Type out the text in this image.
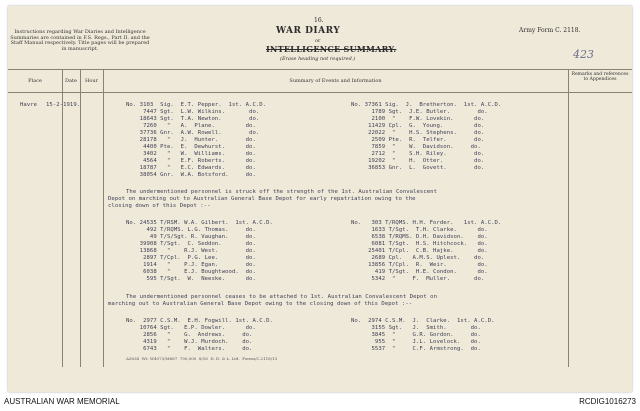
Instructions regarding War Diaries and Intelligence Summaries are contained in F.S. Regs., Part II. and the Staff Manual respectively. Title pages will be prepared in manuscript.
16.
WAR DIARY
or
INTELLIGENCE SUMMARY.
(Erase heading not required.)
Army Form C. 2118.
423
Place	Date	Hour	Summary of Events and Information
Remarks and references to Appendices
Havre 15-2-1919.	No. 3103  Sig.  E.T. Pepper.  1st. A.C.D.	No. 37361 Sig.  J.  Bretherton.  1st. A.C.D.
7447 Sgt.  L.W. Wilkins.       do.	1789 Sgt.  J.E. Butler.        do.
18643 Sgt.  T.A. Newton.        do.	2100  "    F.W. Lovekin.      do.
7260   "   A.  Plane.         do.	11429 Cpl.  G.  Young.         do.
37736 Gnr.  A.W. Rowell.        do.	22022  "    H.S. Stephens.     do.
28178   "   J.  Hunter.        do.	2509 Pte.  R.  Telfer.        do.
4400 Pte.  E.  Dewhurst.      do.	7859  "    W.  Davidson.     do.
3402   "   W.  Williams.      do.	2712  "    S.H. Riley.        do.
4564   "   E.F. Roberts.      do.	19202  "    H.  Otter.         do.
18787   "   E.C. Edwards.      do.	36853 Gnr.  L.  Govett.        do.
38054 Gnr.  W.A. Botsford.     do.
The undermentioned personnel is struck off the strength of the 1st. Australian Convalescent
Depot on marching out to Australian General Base Depot for early repatriation owing to the
closing down of this Depot :--
No. 24535 T/RSM. W.A. Gilbert.  1st. A.C.D.	No.   303 T/RQMS. H.H. Forder.   1st. A.C.D.
492 T/RQMS. L.G. Thomas.     do.	1633 T/Sgt.  T.H. Clarke.      do.
49 T/S/Sgt. R. Vaughan.     do.	6538 T/RQMS. D.H. Davidson.    do.
39908 T/Sgt.  C. Seddon.       do.	6081 T/Sgt.  H.S. Hitchcock.   do.
13868   "    R.J. West.        do.	25401 T/Cpl.  C.B. Hajke.       do.
2897 T/Cpl.  P.G. Lee.        do.	2689 Cpl.   A.M.S. Uplest.    do.
1914   "    P.J. Egan.        do.	13856 T/Cpl.  R.  Weir.         do.
6038   "    E.J. Boughtwood.  do.	419 T/Sgt.  H.E. Condon.      do.
595 T/Sgt.  W.  Neeske.      do.	5342  "     F.  Muller.       do.
The undermentioned personnel ceases to be attached to 1st. Australian Convalescent Depot on
marching out to Australian General Base Depot owing to the closing down of this Depot :--
No.  2977 C.S.M.  E.H. Fogwill. 1st. A.C.D.	No.  2974 C.S.M.  J.  Clarke.  1st. A.C.D.
10764 Sgt.   E.P. Dowler.      do.	3155 Sgt.   J.  Smith.       do.
2856   "    G.  Andrews.     do.	3845  "     G.R. Gordon.     do.
4319   "    W.J. Murdoch.    do.	955  "     J.L. Lovelock.   do.
6743   "    F.  Walters.     do.	5537  "     C.F. Armstrong.  do.
A5834  Wt. W4973/M687  750,000  8/16  D. D. & L. Ltd.  Forms/C.2118/13
AUSTRALIAN WAR MEMORIAL	RCDIG1016273
